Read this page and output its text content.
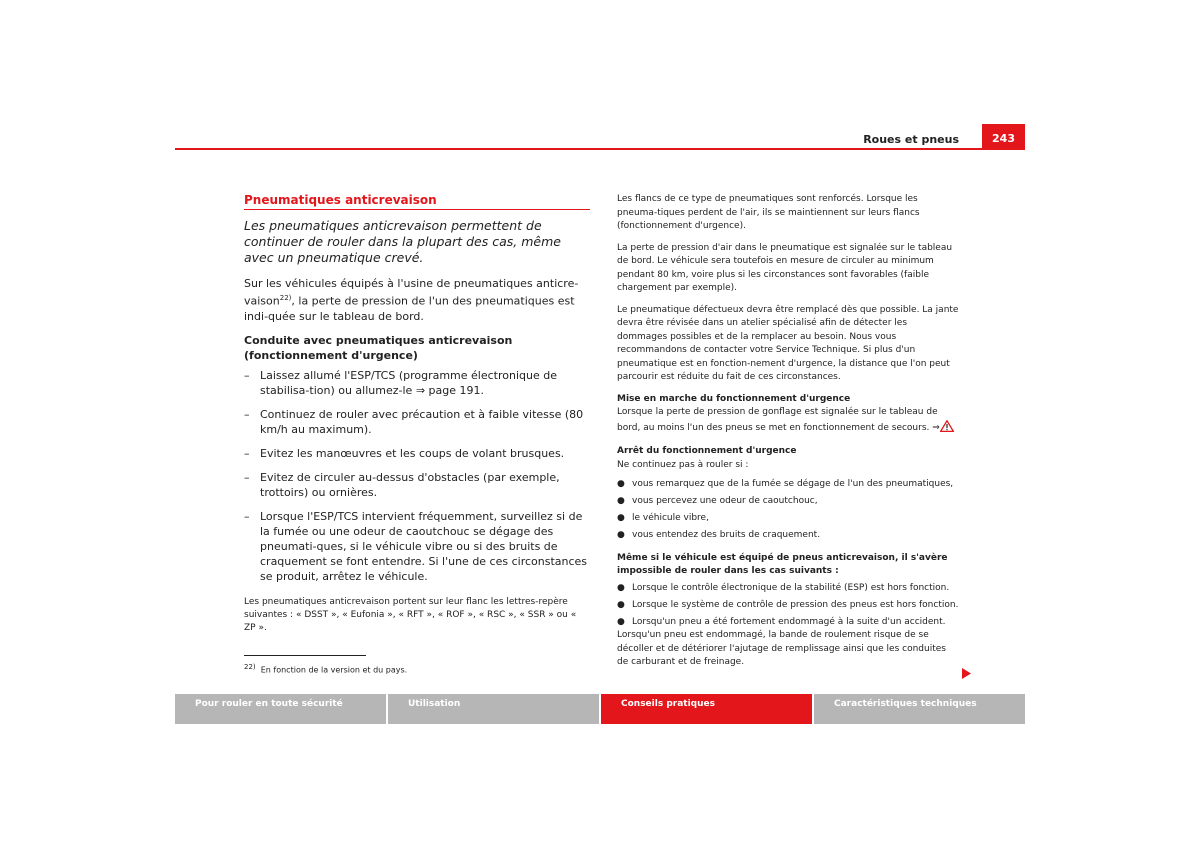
Roues et pneus	243
Pneumatiques anticrevaison

Les pneumatiques anticrevaison permettent de continuer de rouler dans la plupart des cas, même avec un pneumatique crevé.

Sur les véhicules équipés à l'usine de pneumatiques anticre-vaison$^{22)}$, la perte de pression de l'un des pneumatiques est indi-quée sur le tableau de bord.

Conduite avec pneumatiques anticrevaison (fonctionnement d'urgence)

– Laissez allumé l'ESP/TCS (programme électronique de stabilisa-tion) ou allumez-le ⇒ page 191.
– Continuez de rouler avec précaution et à faible vitesse (80 km/h au maximum).
– Evitez les manœuvres et les coups de volant brusques.
– Evitez de circuler au-dessus d'obstacles (par exemple, trottoirs) ou ornières.
– Lorsque l'ESP/TCS intervient fréquemment, surveillez si de la fumée ou une odeur de caoutchouc se dégage des pneumati-ques, si le véhicule vibre ou si des bruits de craquement se font entendre. Si l'une de ces circonstances se produit, arrêtez le véhicule.

Les pneumatiques anticrevaison portent sur leur flanc les lettres-repère suivantes : « DSST », « Eufonia », « RFT », « ROF », « RSC », « SSR » ou « ZP ».

$^{22)}$ En fonction de la version et du pays.

Les flancs de ce type de pneumatiques sont renforcés. Lorsque les pneuma-tiques perdent de l'air, ils se maintiennent sur leurs flancs (fonctionnement d'urgence).

La perte de pression d'air dans le pneumatique est signalée sur le tableau de bord. Le véhicule sera toutefois en mesure de circuler au minimum pendant 80 km, voire plus si les circonstances sont favorables (faible chargement par exemple).

Le pneumatique défectueux devra être remplacé dès que possible. La jante devra être révisée dans un atelier spécialisé afin de détecter les dommages possibles et de la remplacer au besoin. Nous vous recommandons de contacter votre Service Technique. Si plus d'un pneumatique est en fonction-nement d'urgence, la distance que l'on peut parcourir est réduite du fait de ces circonstances.

Mise en marche du fonctionnement d'urgence

Lorsque la perte de pression de gonflage est signalée sur le tableau de bord, au moins l'un des pneus se met en fonctionnement de secours. ⇒

Arrêt du fonctionnement d'urgence

Ne continuez pas à rouler si :

● vous remarquez que de la fumée se dégage de l'un des pneumatiques,
● vous percevez une odeur de caoutchouc,
● le véhicule vibre,
● vous entendez des bruits de craquement.

Même si le véhicule est équipé de pneus anticrevaison, il s'avère impossible de rouler dans les cas suivants :

● Lorsque le contrôle électronique de la stabilité (ESP) est hors fonction.
● Lorsque le système de contrôle de pression des pneus est hors fonction.
● Lorsqu'un pneu a été fortement endommagé à la suite d'un accident.

Lorsqu'un pneu est endommagé, la bande de roulement risque de se décoller et de détériorer l'ajutage de remplissage ainsi que les conduites de carburant et de freinage.

Pour rouler en toute sécurité	Utilisation	Conseils pratiques	Caractéristiques techniques
